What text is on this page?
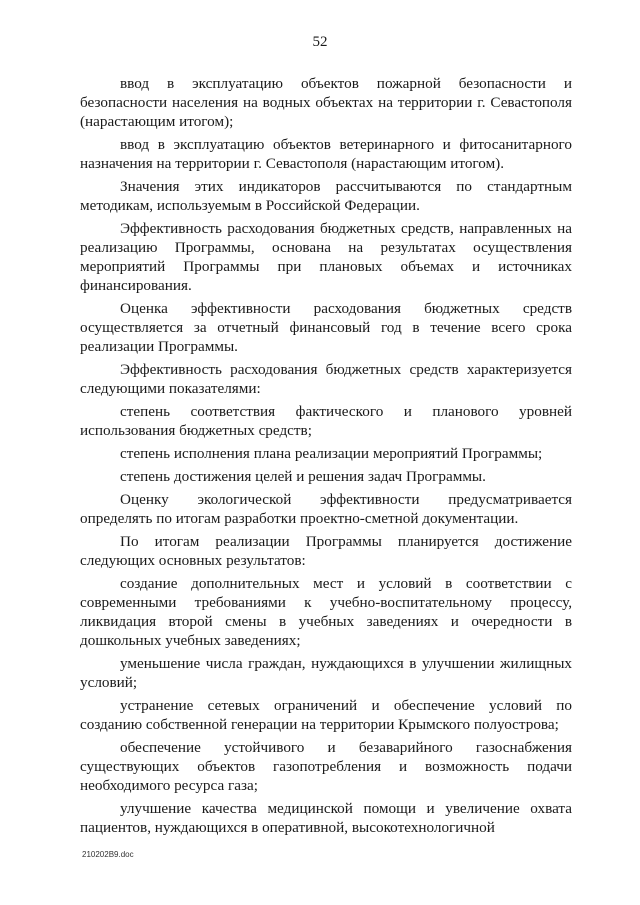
52

ввод в эксплуатацию объектов пожарной безопасности и безопасности населения на водных объектах на территории г. Севастополя (нарастающим итогом);

ввод в эксплуатацию объектов ветеринарного и фитосанитарного назначения на территории г. Севастополя (нарастающим итогом).

Значения этих индикаторов рассчитываются по стандартным методикам, используемым в Российской Федерации.

Эффективность расходования бюджетных средств, направленных на реализацию Программы, основана на результатах осуществления мероприятий Программы при плановых объемах и источниках финансирования.

Оценка эффективности расходования бюджетных средств осуществляется за отчетный финансовый год в течение всего срока реализации Программы.

Эффективность расходования бюджетных средств характеризуется следующими показателями:

степень соответствия фактического и планового уровней использования бюджетных средств;

степень исполнения плана реализации мероприятий Программы;

степень достижения целей и решения задач Программы.

Оценку экологической эффективности предусматривается определять по итогам разработки проектно-сметной документации.

По итогам реализации Программы планируется достижение следующих основных результатов:

создание дополнительных мест и условий в соответствии с современными требованиями к учебно-воспитательному процессу, ликвидация второй смены в учебных заведениях и очередности в дошкольных учебных заведениях;

уменьшение числа граждан, нуждающихся в улучшении жилищных условий;

устранение сетевых ограничений и обеспечение условий по созданию собственной генерации на территории Крымского полуострова;

обеспечение устойчивого и безаварийного газоснабжения существующих объектов газопотребления и возможность подачи необходимого ресурса газа;

улучшение качества медицинской помощи и увеличение охвата пациентов, нуждающихся в оперативной, высокотехнологичной

210202В9.doc
